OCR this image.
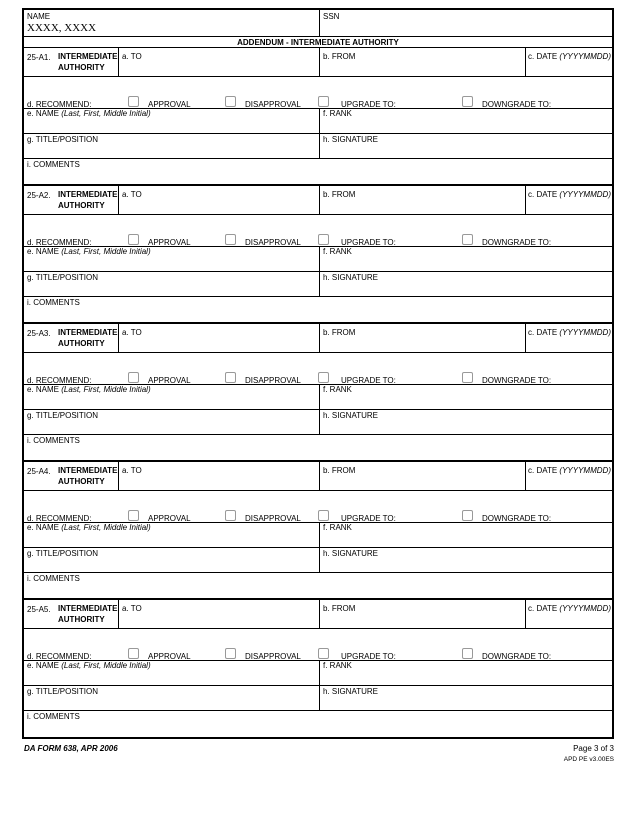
NAME
XXXX, XXXX
SSN
ADDENDUM - INTERMEDIATE AUTHORITY
25-A1. INTERMEDIATE
AUTHORITY
a. TO	b. FROM	c. DATE (YYYYMMDD)
d. RECOMMEND:	APPROVAL	DISAPPROVAL	UPGRADE TO:	DOWNGRADE TO:
e. NAME (Last, First, Middle Initial)	f. RANK
g. TITLE/POSITION	h. SIGNATURE
i. COMMENTS
25-A2. INTERMEDIATE
AUTHORITY
a. TO	b. FROM	c. DATE (YYYYMMDD)
d. RECOMMEND:	APPROVAL	DISAPPROVAL	UPGRADE TO:	DOWNGRADE TO:
e. NAME (Last, First, Middle Initial)	f. RANK
g. TITLE/POSITION	h. SIGNATURE
i. COMMENTS
25-A3. INTERMEDIATE
AUTHORITY
a. TO	b. FROM	c. DATE (YYYYMMDD)
d. RECOMMEND:	APPROVAL	DISAPPROVAL	UPGRADE TO:	DOWNGRADE TO:
e. NAME (Last, First, Middle Initial)	f. RANK
g. TITLE/POSITION	h. SIGNATURE
i. COMMENTS
25-A4. INTERMEDIATE
AUTHORITY
a. TO	b. FROM	c. DATE (YYYYMMDD)
d. RECOMMEND:	APPROVAL	DISAPPROVAL	UPGRADE TO:	DOWNGRADE TO:
e. NAME (Last, First, Middle Initial)	f. RANK
g. TITLE/POSITION	h. SIGNATURE
i. COMMENTS
25-A5. INTERMEDIATE
AUTHORITY
a. TO	b. FROM	c. DATE (YYYYMMDD)
d. RECOMMEND:	APPROVAL	DISAPPROVAL	UPGRADE TO:	DOWNGRADE TO:
e. NAME (Last, First, Middle Initial)	f. RANK
g. TITLE/POSITION	h. SIGNATURE
i. COMMENTS
DA FORM 638, APR 2006	Page 3 of 3
APD PE v3.00ES
